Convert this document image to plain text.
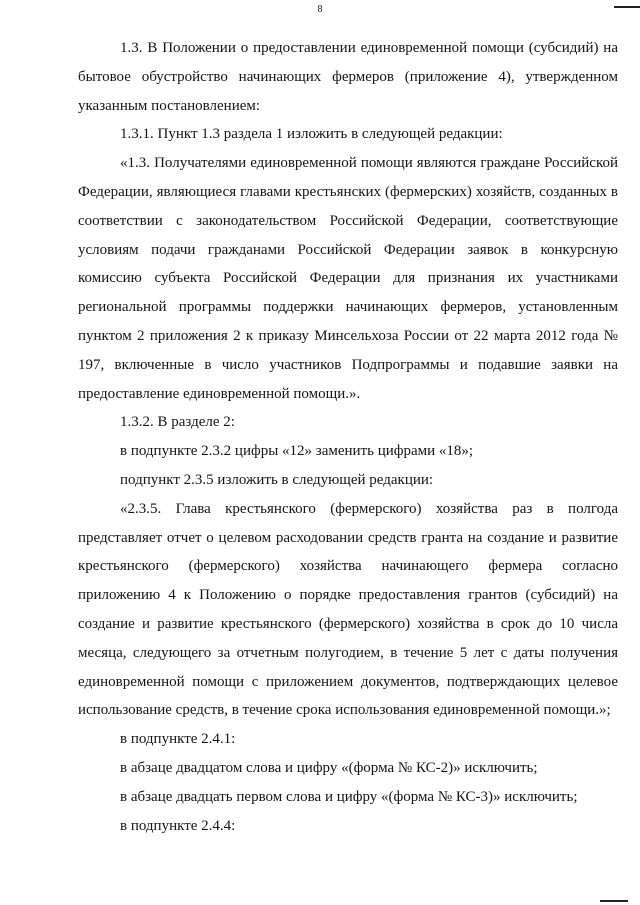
8

1.3. В Положении о предоставлении единовременной помощи (субсидий) на бытовое обустройство начинающих фермеров (приложение 4), утвержденном указанным постановлением:

1.3.1. Пункт 1.3 раздела 1 изложить в следующей редакции:

«1.3. Получателями единовременной помощи являются граждане Российской Федерации, являющиеся главами крестьянских (фермерских) хозяйств, созданных в соответствии с законодательством Российской Федерации, соответствующие условиям подачи гражданами Российской Федерации заявок в конкурсную комиссию субъекта Российской Федерации для признания их участниками региональной программы поддержки начинающих фермеров, установленным пунктом 2 приложения 2 к приказу Минсельхоза России от 22 марта 2012 года № 197, включенные в число участников Подпрограммы и подавшие заявки на предоставление единовременной помощи.».

1.3.2. В разделе 2:

в подпункте 2.3.2 цифры «12» заменить цифрами «18»;

подпункт 2.3.5 изложить в следующей редакции:

«2.3.5. Глава крестьянского (фермерского) хозяйства раз в полгода представляет отчет о целевом расходовании средств гранта на создание и развитие крестьянского (фермерского) хозяйства начинающего фермера согласно приложению 4 к Положению о порядке предоставления грантов (субсидий) на создание и развитие крестьянского (фермерского) хозяйства в срок до 10 числа месяца, следующего за отчетным полугодием, в течение 5 лет с даты получения единовременной помощи с приложением документов, подтверждающих целевое использование средств, в течение срока использования единовременной помощи.»;

в подпункте 2.4.1:

в абзаце двадцатом слова и цифру «(форма № КС-2)» исключить;

в абзаце двадцать первом слова и цифру «(форма № КС-3)» исключить;

в подпункте 2.4.4:
